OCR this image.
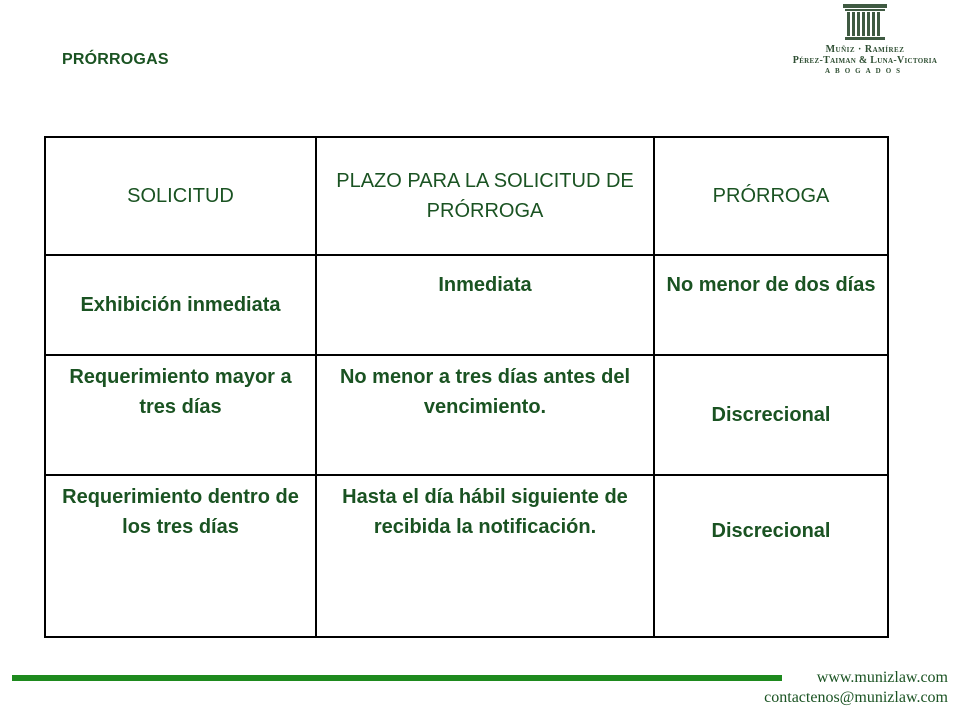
PRÓRROGAS
Muñiz · Ramírez
Pérez-Taiman & Luna-Victoria
ABOGADOS
SOLICITUD	PLAZO PARA LA SOLICITUD DE PRÓRROGA	PRÓRROGA
Exhibición inmediata	Inmediata	No menor de dos días
Requerimiento mayor a tres días	No menor a tres días antes del vencimiento.	Discrecional
Requerimiento dentro de los tres días	Hasta el día hábil siguiente de recibida la notificación.	Discrecional
www.munizlaw.com
contactenos@munizlaw.com
